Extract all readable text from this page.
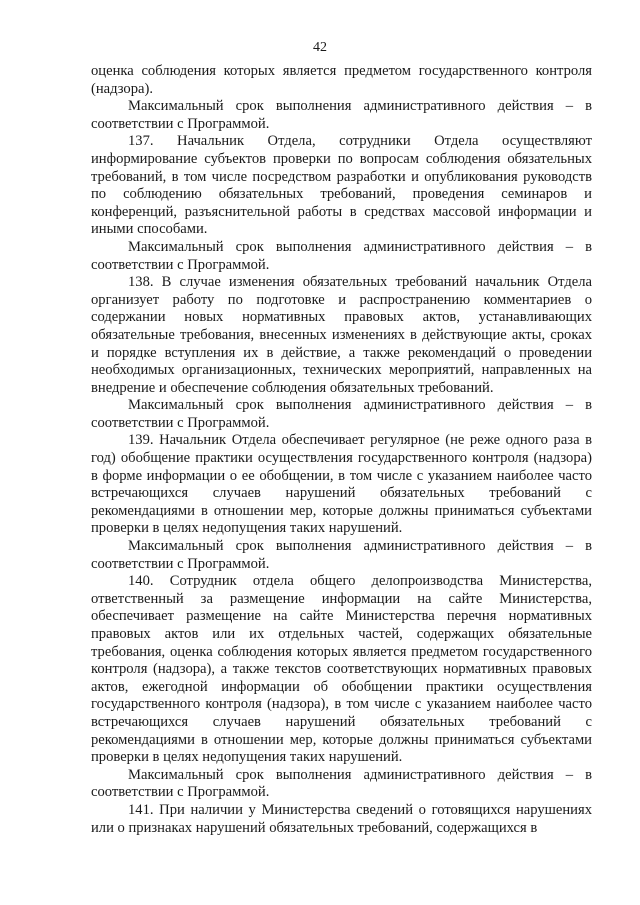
42

оценка соблюдения которых является предметом государственного контроля (надзора).

Максимальный срок выполнения административного действия – в соответствии с Программой.

137. Начальник Отдела, сотрудники Отдела осуществляют информирование субъектов проверки по вопросам соблюдения обязательных требований, в том числе посредством разработки и опубликования руководств по соблюдению обязательных требований, проведения семинаров и конференций, разъяснительной работы в средствах массовой информации и иными способами.

Максимальный срок выполнения административного действия – в соответствии с Программой.

138. В случае изменения обязательных требований начальник Отдела организует работу по подготовке и распространению комментариев о содержании новых нормативных правовых актов, устанавливающих обязательные требования, внесенных изменениях в действующие акты, сроках и порядке вступления их в действие, а также рекомендаций о проведении необходимых организационных, технических мероприятий, направленных на внедрение и обеспечение соблюдения обязательных требований.

Максимальный срок выполнения административного действия – в соответствии с Программой.

139. Начальник Отдела обеспечивает регулярное (не реже одного раза в год) обобщение практики осуществления государственного контроля (надзора) в форме информации о ее обобщении, в том числе с указанием наиболее часто встречающихся случаев нарушений обязательных требований с рекомендациями в отношении мер, которые должны приниматься субъектами проверки в целях недопущения таких нарушений.

Максимальный срок выполнения административного действия – в соответствии с Программой.

140. Сотрудник отдела общего делопроизводства Министерства, ответственный за размещение информации на сайте Министерства, обеспечивает размещение на сайте Министерства перечня нормативных правовых актов или их отдельных частей, содержащих обязательные требования, оценка соблюдения которых является предметом государственного контроля (надзора), а также текстов соответствующих нормативных правовых актов, ежегодной информации об обобщении практики осуществления государственного контроля (надзора), в том числе с указанием наиболее часто встречающихся случаев нарушений обязательных требований с рекомендациями в отношении мер, которые должны приниматься субъектами проверки в целях недопущения таких нарушений.

Максимальный срок выполнения административного действия – в соответствии с Программой.

141. При наличии у Министерства сведений о готовящихся нарушениях или о признаках нарушений обязательных требований, содержащихся в
